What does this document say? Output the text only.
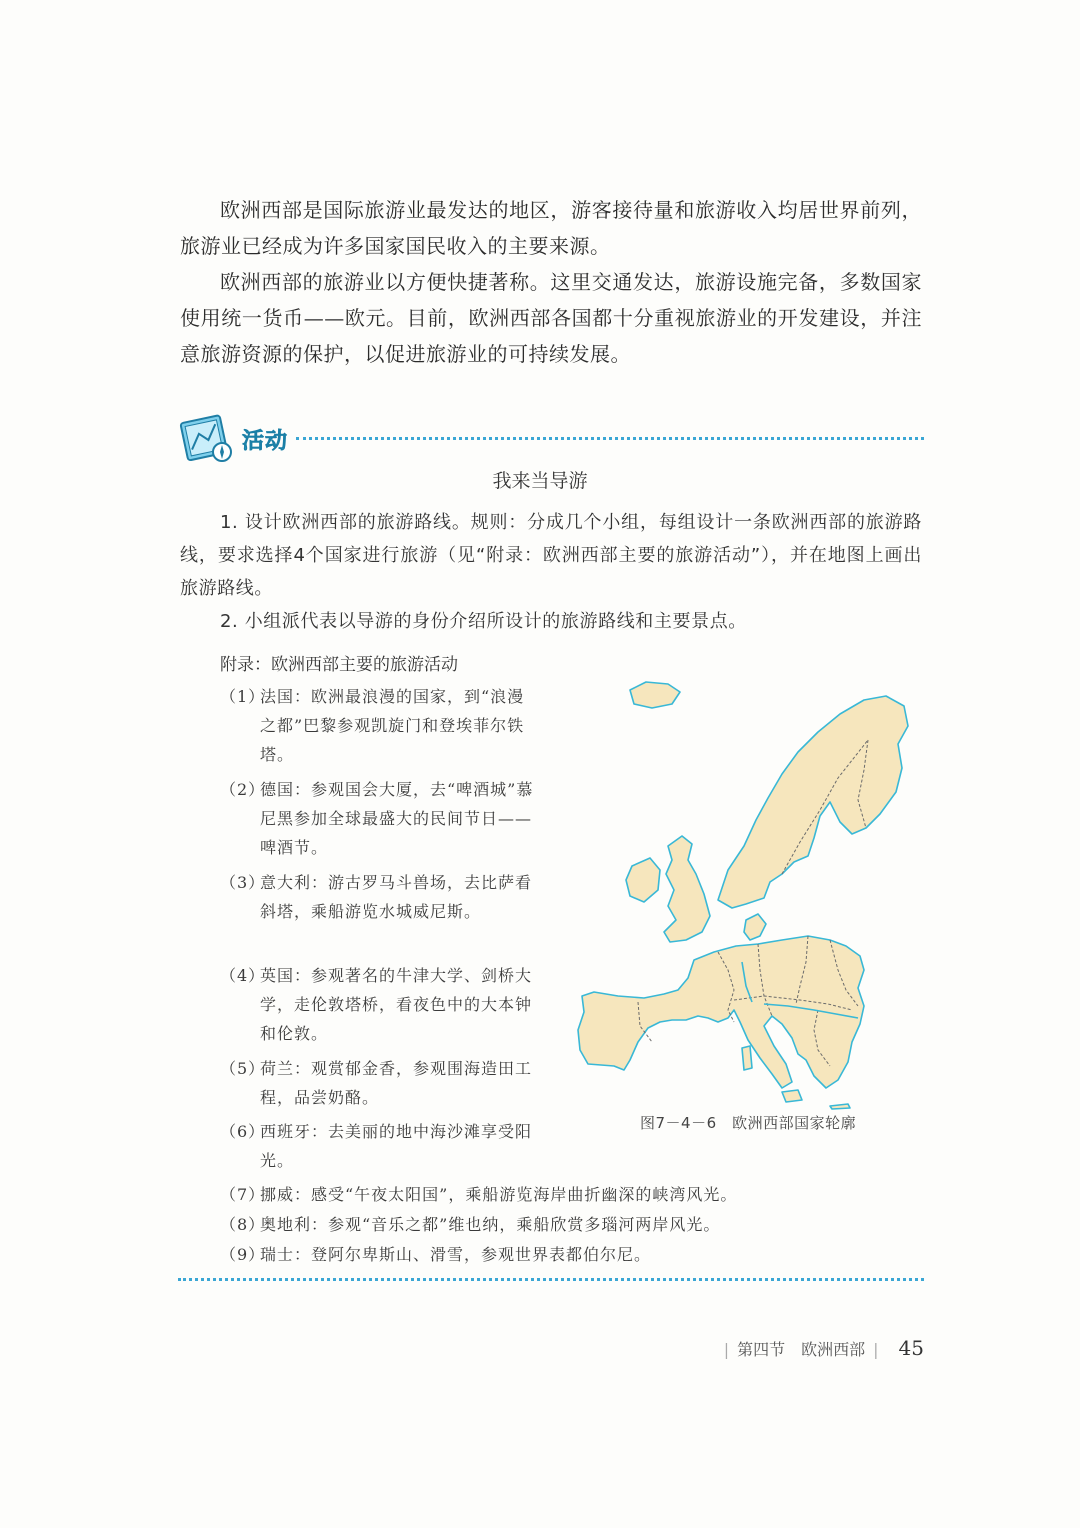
欧洲西部是国际旅游业最发达的地区，游客接待量和旅游收入均居世界前列，旅游业已经成为许多国家国民收入的主要来源。

欧洲西部的旅游业以方便快捷著称。这里交通发达，旅游设施完备，多数国家使用统一货币——欧元。目前，欧洲西部各国都十分重视旅游业的开发建设，并注意旅游资源的保护，以促进旅游业的可持续发展。

活动

我来当导游

1. 设计欧洲西部的旅游路线。规则：分成几个小组，每组设计一条欧洲西部的旅游路线，要求选择4个国家进行旅游（见“附录：欧洲西部主要的旅游活动”），并在地图上画出旅游路线。

2. 小组派代表以导游的身份介绍所设计的旅游路线和主要景点。

附录：欧洲西部主要的旅游活动

（1）
法国：欧洲最浪漫的国家，到“浪漫之都”巴黎参观凯旋门和登埃菲尔铁塔。
（2）
德国：参观国会大厦，去“啤酒城”慕尼黑参加全球最盛大的民间节日——啤酒节。
（3）
意大利：游古罗马斗兽场，去比萨看斜塔，乘船游览水城威尼斯。
（4）
英国：参观著名的牛津大学、剑桥大学，走伦敦塔桥，看夜色中的大本钟和伦敦。
（5）
荷兰：观赏郁金香，参观围海造田工程，品尝奶酪。
（6）
西班牙：去美丽的地中海沙滩享受阳光。
（7）
挪威：感受“午夜太阳国”，乘船游览海岸曲折幽深的峡湾风光。
（8）
奥地利：参观“音乐之都”维也纳，乘船欣赏多瑙河两岸风光。
（9）
瑞士：登阿尔卑斯山、滑雪，参观世界表都伯尔尼。

图7－4－6　欧洲西部国家轮廓

| 第四节　欧洲西部 | 45
